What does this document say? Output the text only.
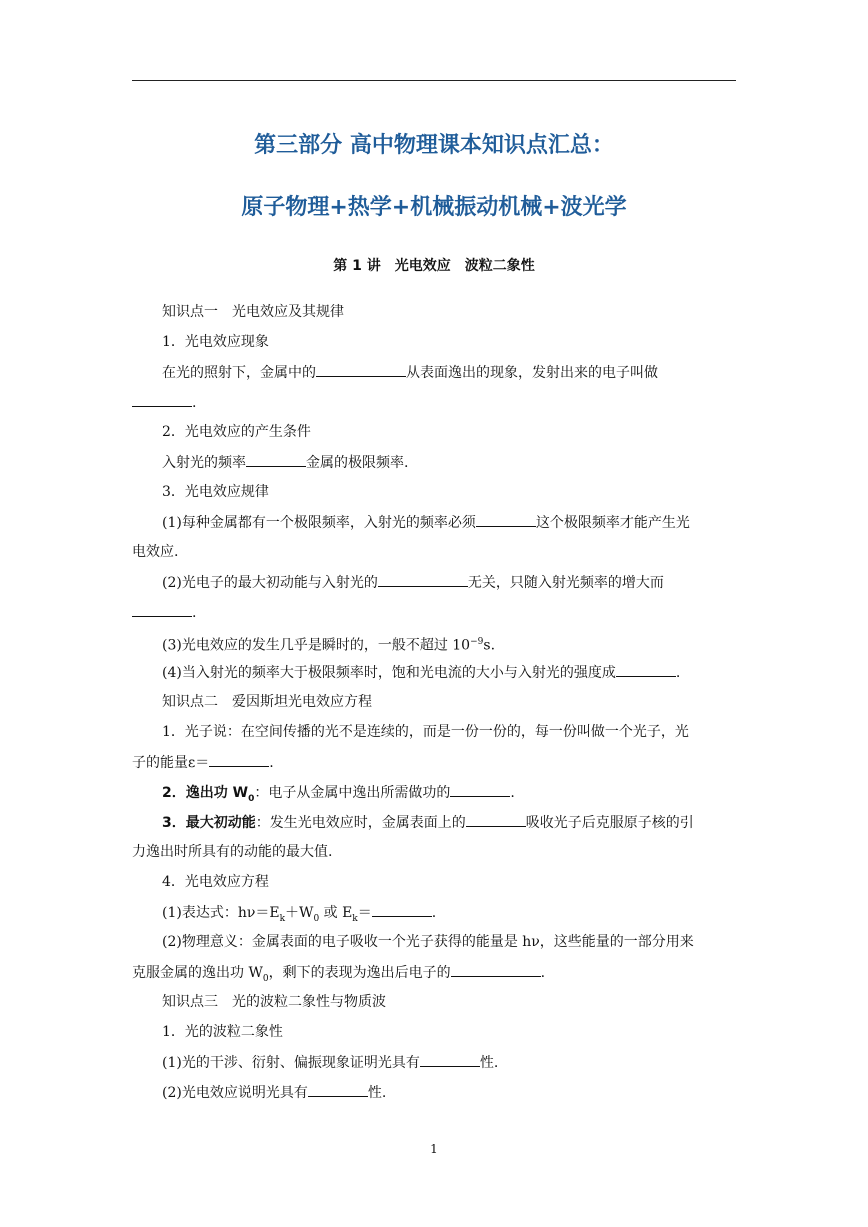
第三部分 高中物理课本知识点汇总：
原子物理+热学+机械振动机械+波光学
第 1 讲　光电效应　波粒二象性
知识点一　光电效应及其规律
1．光电效应现象
在光的照射下，金属中的	从表面逸出的现象，发射出来的电子叫做
.
2．光电效应的产生条件
入射光的频率	金属的极限频率.
3．光电效应规律
(1)每种金属都有一个极限频率，入射光的频率必须	这个极限频率才能产生光
电效应.
(2)光电子的最大初动能与入射光的	无关，只随入射光频率的增大而
.
(3)光电效应的发生几乎是瞬时的，一般不超过 $10^{-9}s$.
(4)当入射光的频率大于极限频率时，饱和光电流的大小与入射光的强度成	.
知识点二　爱因斯坦光电效应方程
1．光子说：在空间传播的光不是连续的，而是一份一份的，每一份叫做一个光子，光
子的能量ε＝	.
2．逸出功 $W_0$：电子从金属中逸出所需做功的	.
3．最大初动能：发生光电效应时，金属表面上的	吸收光子后克服原子核的引
力逸出时所具有的动能的最大值.
4．光电效应方程
(1)表达式：$h\nu=E_k+W_0$ 或 $E_k=$	.
(2)物理意义：金属表面的电子吸收一个光子获得的能量是 hν，这些能量的一部分用来
克服金属的逸出功 $W_0$，剩下的表现为逸出后电子的	.
知识点三　光的波粒二象性与物质波
1．光的波粒二象性
(1)光的干涉、衍射、偏振现象证明光具有	性.
(2)光电效应说明光具有	性.
1
